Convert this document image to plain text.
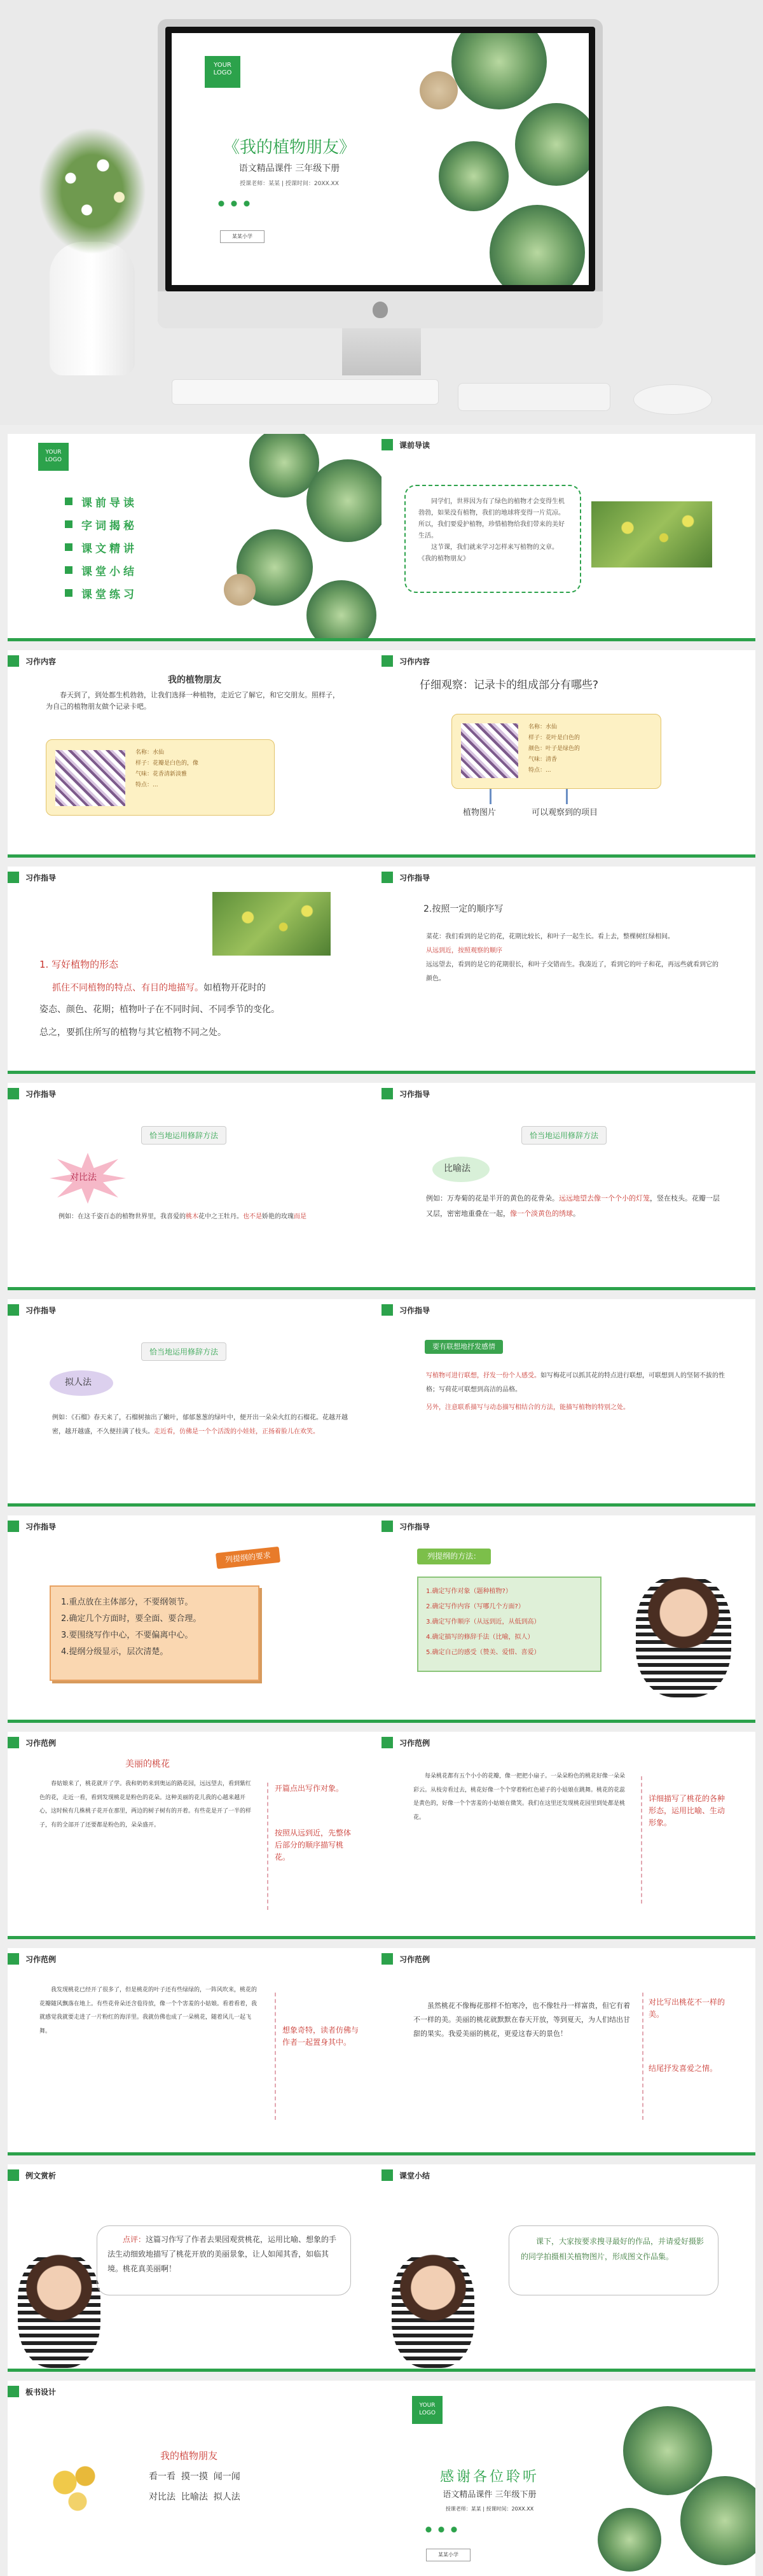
YOUR LOGO
《我的植物朋友》
语文精品课件 三年级下册
授课老师：某某 | 授课时间：20XX.XX
某某小学
YOUR LOGO
课前导读
字词揭秘
课文精讲
课堂小结
课堂练习
课前导读
同学们，世界因为有了绿色的植物才会变得生机勃勃，如果没有植物，我们的地球将变得一片荒凉。所以，我们要爱护植物，珍惜植物给我们带来的美好生活。
这节课，我们就来学习怎样来写植物的文章。
《我的植物朋友》
习作内容
我的植物朋友
春天到了，到处都生机勃勃，让我们选择一种植物，走近它了解它，和它交朋友。照样子，为自己的植物朋友做个记录卡吧。
名称：水仙
样子：花瓣是白色的，像
气味：花香清新淡雅
特点：...
习作内容
仔细观察：记录卡的组成部分有哪些?
名称：水仙
样子：花叶是白色的
颜色：叶子是绿色的
气味：清香
特点：...
植物图片	可以观察到的项目
习作指导
1. 写好植物的形态
抓住不同植物的特点、有目的地描写。如植物开花时的
姿态、颜色、花期；植物叶子在不同时间、不同季节的变化。
总之，要抓住所写的植物与其它植物不同之处。
习作指导
2.按照一定的顺序写
菜花：我们看到的是它的花，花期比较长，和叶子一起生长。看上去，整棵树红绿相间。
从远到近，按照观察的顺序
远远望去，看到的是它的花期很长，和叶子交错而生。我凑近了，看到它的叶子和花，再远些就看到它的颜色。
习作指导
恰当地运用修辞方法
对比法
例如：在这千姿百态的植物世界里，我喜爱的桃木花中之王牡丹。也不是娇艳的玫瑰而是
习作指导
恰当地运用修辞方法
比喻法
例如：万寿菊的花是半开的黄色的花骨朵。远远地望去像一个个小的灯笼，竖在枝头。花瓣一层又层，密密地重叠在一起，像一个淡黄色的绣球。
习作指导
恰当地运用修辞方法
拟人法
例如：《石榴》春天来了，石榴树抽出了嫩叶，郁郁葱葱的绿叶中，便开出一朵朵火红的石榴花。花越开越密，越开越盛，不久便挂满了枝头。走近看，仿佛是一个个活泼的小娃娃，正扬着脸儿在欢笑。
习作指导
要有联想地抒发感情
写植物可进行联想，抒发一份个人感受。如写梅花可以抓其花的特点进行联想，可联想到人的坚韧不拔的性格；写荷花可联想到高洁的品格。
另外，注意联系描写与动态描写相结合的方法，能描写植物的特别之处。
习作指导
列提纲的要求
1.重点放在主体部分，不要纲领节。
2.确定几个方面时，要全面、要合理。
3.要围绕写作中心，不要偏离中心。
4.提纲分级显示，层次清楚。
习作指导
列提纲的方法：
1.确定写作对象（题种植物?）
2.确定写作内容（写哪几个方面?）
3.确定写作顺序（从远到近，从低到高）
4.确定描写的修辞手法（比喻，拟人）
5.确定自己的感受（赞美、爱惜、喜爱）
习作范例
美丽的桃花
春姑娘来了，桃花就开了学。我和奶奶来到奥运的路花园，远远望去，看到紫红色的花，走近一看，看到发现桃花是粉色的花朵。这种美丽的花儿我的心越来越开心，这时候有几株桃子花开在那里，两边的树子树有的开着。有些花是开了一半的样子，有的全部开了还要都是粉色的，朵朵盛开。
开篇点出写作对象。
按照从远到近，先整体后部分的顺序描写桃花。
习作范例
每朵桃花都有五个小小的花瓣，像一把把小扇子。一朵朵粉色的桃花好像一朵朵彩云。从枝旁看过去，桃花好像一个个穿着粉红色裙子的小姑娘在跳舞。桃花的花蕊是黄色的，好像一个个害羞的小姑娘在微笑。我们在这里还发现桃花园里到处都是桃花。
详细描写了桃花的各种形态，运用比喻、生动形象。
习作范例
我发现桃花已经开了很多了，但是桃花的叶子还有些绿绿的，一阵风吹来，桃花的花瓣随风飘落在地上。有些花骨朵还含苞待放，像一个个害羞的小姑娘。看着看着，我就感觉我就要走进了一片粉红的海洋里。我就仿佛也成了一朵桃花，随着风儿一起飞舞。	想象奇特，读者仿佛与作者一起置身其中。
习作范例
虽然桃花不像梅花那样不怕寒冷，也不像牡丹一样富贵，但它有着不一样的美。美丽的桃花就默默在春天开放，等到夏天，为人们结出甘甜的果实。我爱美丽的桃花，更爱这春天的景色！
对比写出桃花不一样的美。
结尾抒发喜爱之情。
例文赏析
点评：这篇习作写了作者去果园观赏桃花，运用比喻、想象的手法生动细致地描写了桃花开放的美丽景象，让人如闻其香，如临其境。桃花真美丽啊！
课堂小结
课下，大家按要求搜寻最好的作品，并请爱好摄影的同学拍摄相关植物图片，形成图文作品集。
板书设计
我的植物朋友
看一看  摸一摸  闻一闻
对比法  比喻法  拟人法
YOUR LOGO
感谢各位聆听
语文精品课件 三年级下册
授课老师：某某 | 授课时间：20XX.XX
某某小学
